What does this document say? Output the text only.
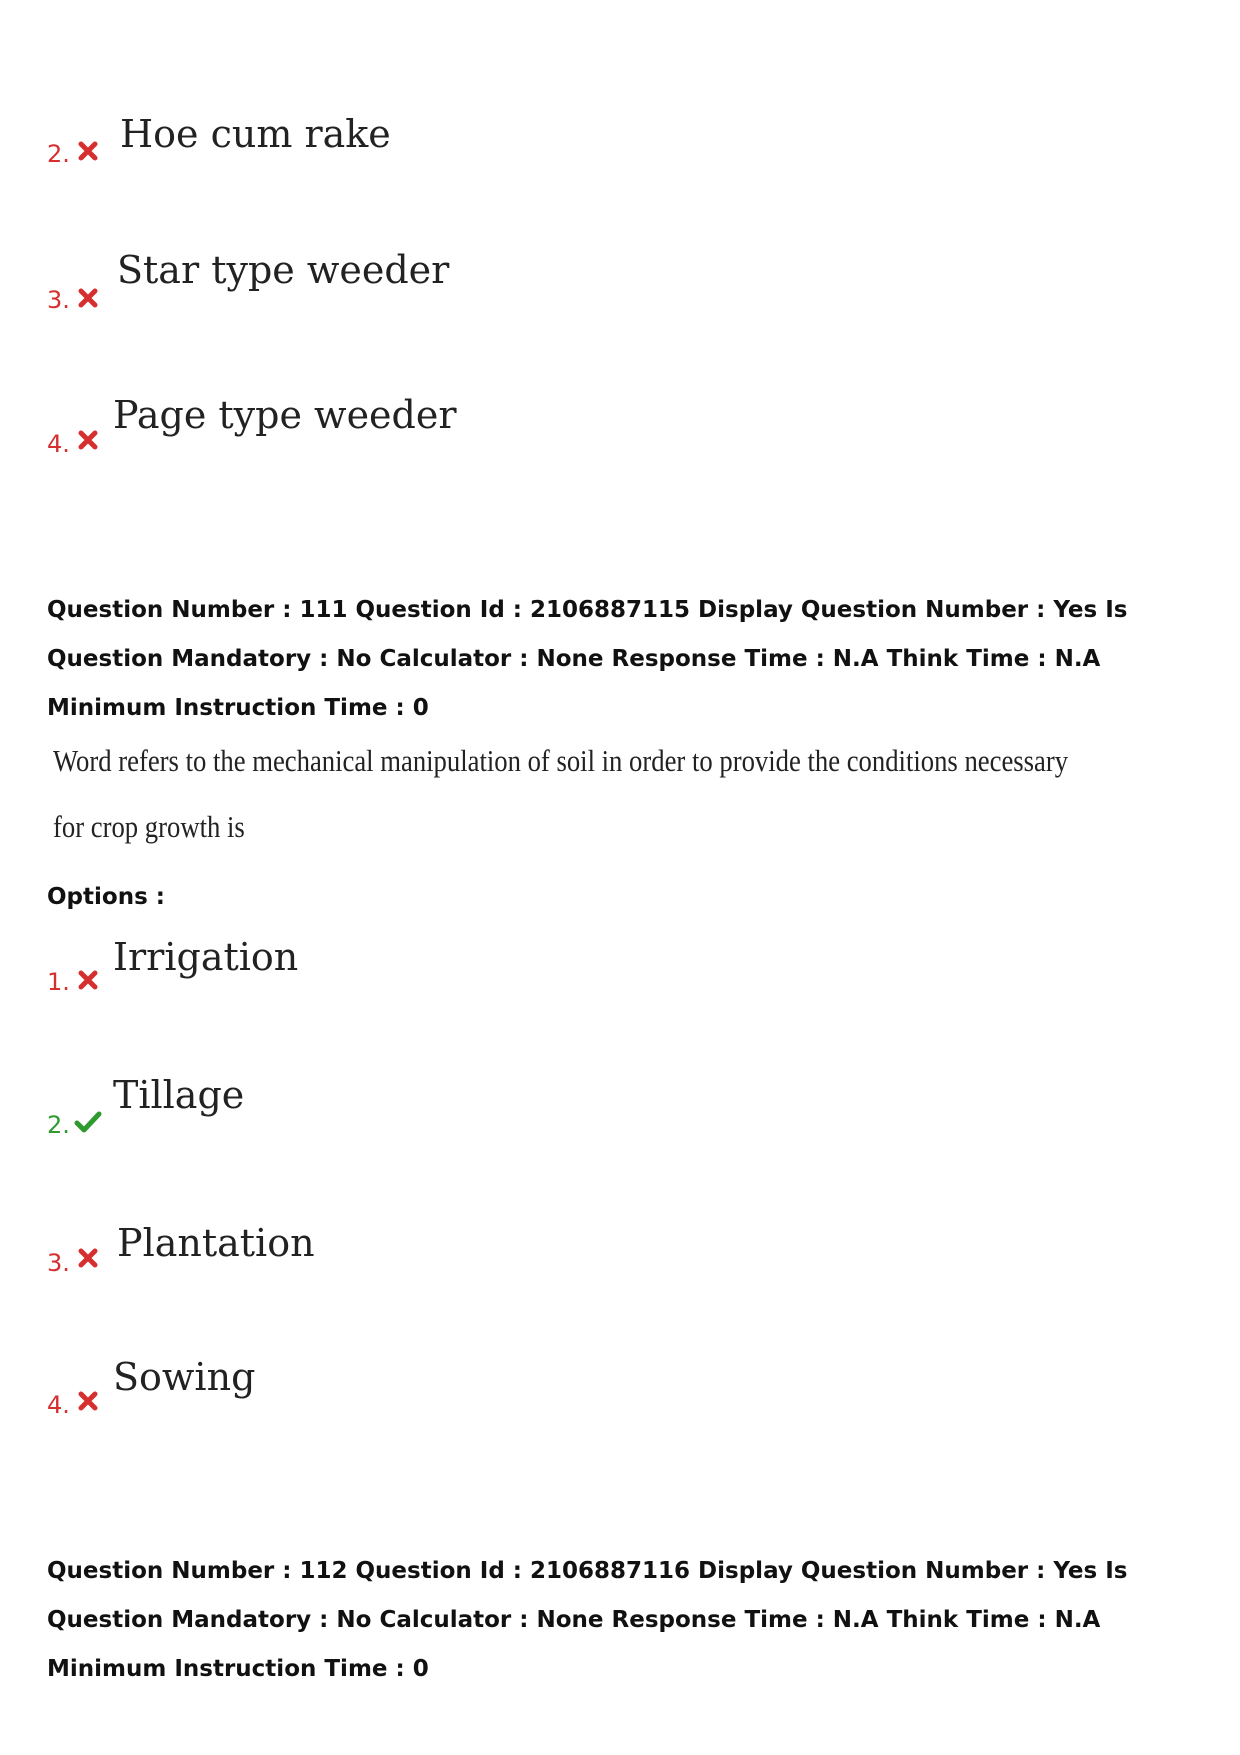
2. Hoe cum rake
3.
Star type weeder
4.
Page type weeder
Question Number : 111 Question Id : 2106887115 Display Question Number : Yes Is Question Mandatory : No Calculator : None Response Time : N.A Think Time : N.A Minimum Instruction Time : 0
Word refers to the mechanical manipulation of soil in order to provide the conditions necessary
for crop growth is
Options :
1.
Irrigation
2.
Tillage
3. Plantation
4.
Sowing
Question Number : 112 Question Id : 2106887116 Display Question Number : Yes Is Question Mandatory : No Calculator : None Response Time : N.A Think Time : N.A Minimum Instruction Time : 0
